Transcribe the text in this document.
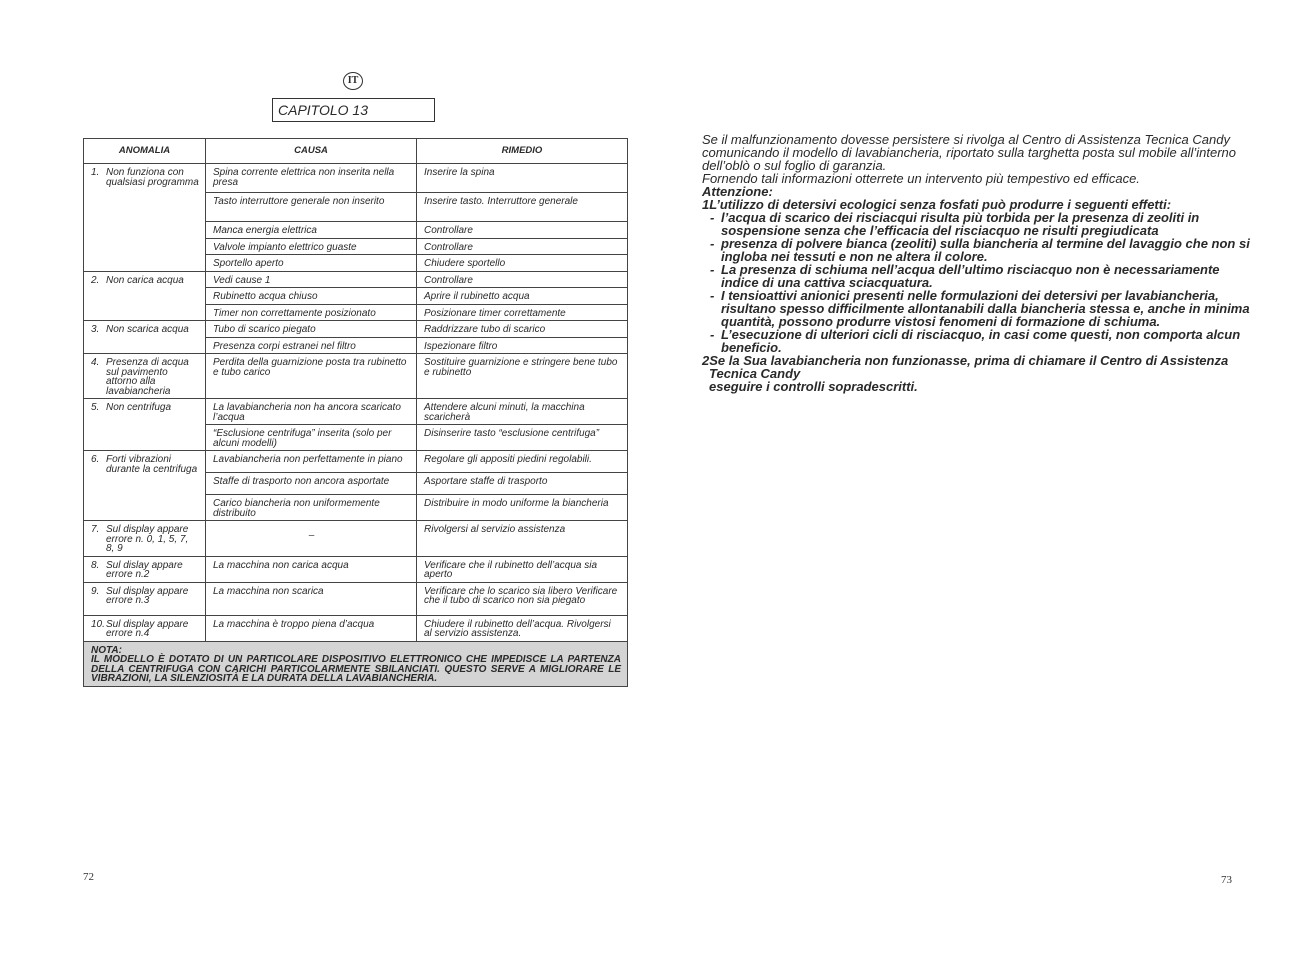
IT
CAPITOLO 13
ANOMALIA	CAUSA	RIMEDIO

1. Non funziona con qualsiasi programma	Spina corrente elettrica non inserita nella presa	Inserire la spina
	Tasto interruttore generale non inserito	Inserire tasto. Interruttore generale
	Manca energia elettrica	Controllare
	Valvole impianto elettrico guaste	Controllare
	Sportello aperto	Chiudere sportello

2. Non carica acqua	Vedi cause 1	Controllare
	Rubinetto acqua chiuso	Aprire il rubinetto acqua
	Timer non correttamente posizionato	Posizionare timer correttamente

3. Non scarica acqua	Tubo di scarico piegato	Raddrizzare tubo di scarico
	Presenza corpi estranei nel filtro	Ispezionare filtro

4. Presenza di acqua sul pavimento attorno alla lavabiancheria	Perdita della guarnizione posta tra rubinetto e tubo carico	Sostituire guarnizione e stringere bene tubo e rubinetto

5. Non centrifuga	La lavabiancheria non ha ancora scaricato l’acqua	Attendere alcuni minuti, la macchina scaricherà
	“Esclusione centrifuga” inserita (solo per alcuni modelli)	Disinserire tasto “esclusione centrifuga”

6. Forti vibrazioni durante la centrifuga	Lavabiancheria non perfettamente in piano	Regolare gli appositi piedini regolabili.
	Staffe di trasporto non ancora asportate	Asportare staffe di trasporto
	Carico biancheria non uniformemente distribuito	Distribuire in modo uniforme la biancheria

7. Sul display appare errore n. 0, 1, 5, 7, 8, 9	–	Rivolgersi al servizio assistenza

8. Sul dislay appare errore n.2	La macchina non carica acqua	Verificare che il rubinetto dell’acqua sia aperto

9. Sul display appare errore n.3	La macchina non scarica	Verificare che lo scarico sia libero Verificare che il tubo di scarico non sia piegato

10. Sul display appare errore n.4	La macchina è troppo piena d’acqua	Chiudere il rubinetto dell’acqua. Rivolgersi al servizio assistenza.

NOTA:
IL MODELLO È DOTATO DI UN PARTICOLARE DISPOSITIVO ELETTRONICO CHE IMPEDISCE LA PARTENZA DELLA CENTRIFUGA CON CARICHI PARTICOLARMENTE SBILANCIATI. QUESTO SERVE A MIGLIORARE LE VIBRAZIONI, LA SILENZIOSITÀ E LA DURATA DELLA LAVABIANCHERIA.		

Se il malfunzionamento dovesse persistere si rivolga al Centro di Assistenza Tecnica Candy comunicando il modello di lavabiancheria, riportato sulla targhetta posta sul mobile all’interno dell’oblò o sul foglio di garanzia.

Fornendo tali informazioni otterrete un intervento più tempestivo ed efficace.

Attenzione:

1L’utilizzo di detersivi ecologici senza fosfati può produrre i seguenti effetti:

- l’acqua di scarico dei risciacqui risulta più torbida per la presenza di zeoliti in sospensione senza che l’efficacia del risciacquo ne risulti pregiudicata
- presenza di polvere bianca (zeoliti) sulla biancheria al termine del lavaggio che non si ingloba nei tessuti e non ne altera il colore.
- La presenza di schiuma nell’acqua dell’ultimo risciacquo non è necessariamente indice di una cattiva sciacquatura.
- I tensioattivi anionici presenti nelle formulazioni dei detersivi per lavabiancheria, risultano spesso difficilmente allontanabili dalla biancheria stessa e, anche in minima quantità, possono produrre vistosi fenomeni di formazione di schiuma.
- L’esecuzione di ulteriori cicli di risciacquo, in casi come questi, non comporta alcun beneficio.

2Se la Sua lavabiancheria non funzionasse, prima di chiamare il Centro di Assistenza

Tecnica Candy

eseguire i controlli sopradescritti.

72	73
